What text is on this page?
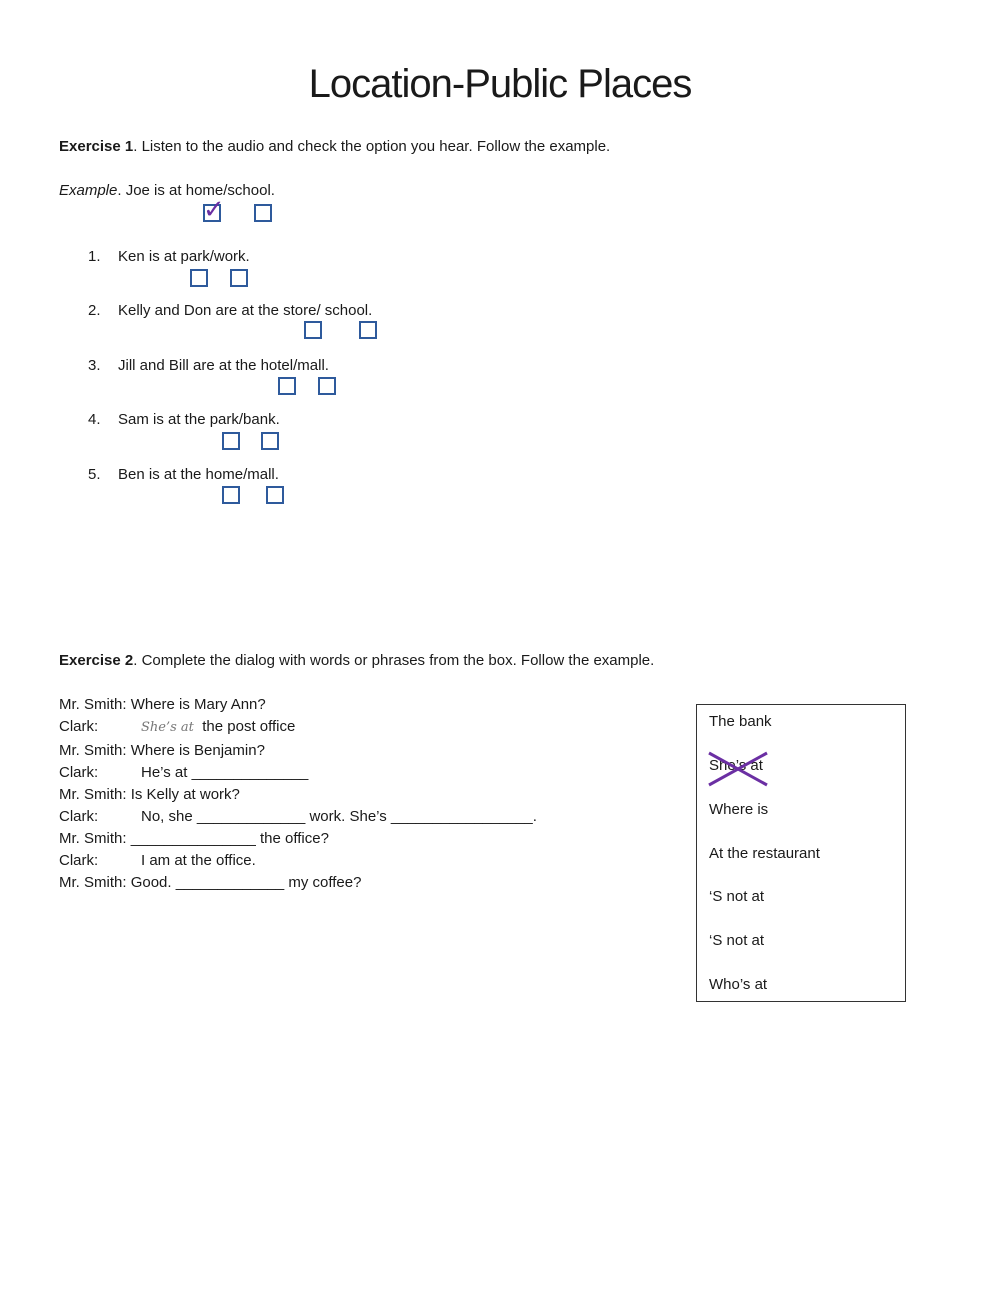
Location-Public Places
Exercise 1. Listen to the audio and check the option you hear. Follow the example.
Example. Joe is at home/school.
✓
1. Ken is at park/work.
2. Kelly and Don are at the store/ school.
3. Jill and Bill are at the hotel/mall.
4. Sam is at the park/bank.
5. Ben is at the home/mall.
Exercise 2. Complete the dialog with words or phrases from the box. Follow the example.
Mr. Smith: Where is Mary Ann?
Clark:	She’s at the post office
Mr. Smith: Where is Benjamin?
Clark:	He’s at ______________
Mr. Smith: Is Kelly at work?
Clark:	No, she _____________ work. She’s _________________.
Mr. Smith: _______________ the office?
Clark:	I am at the office.
Mr. Smith: Good. _____________ my coffee?
The bank
She’s at
Where is
At the restaurant
‘S not at
‘S not at
Who’s at
